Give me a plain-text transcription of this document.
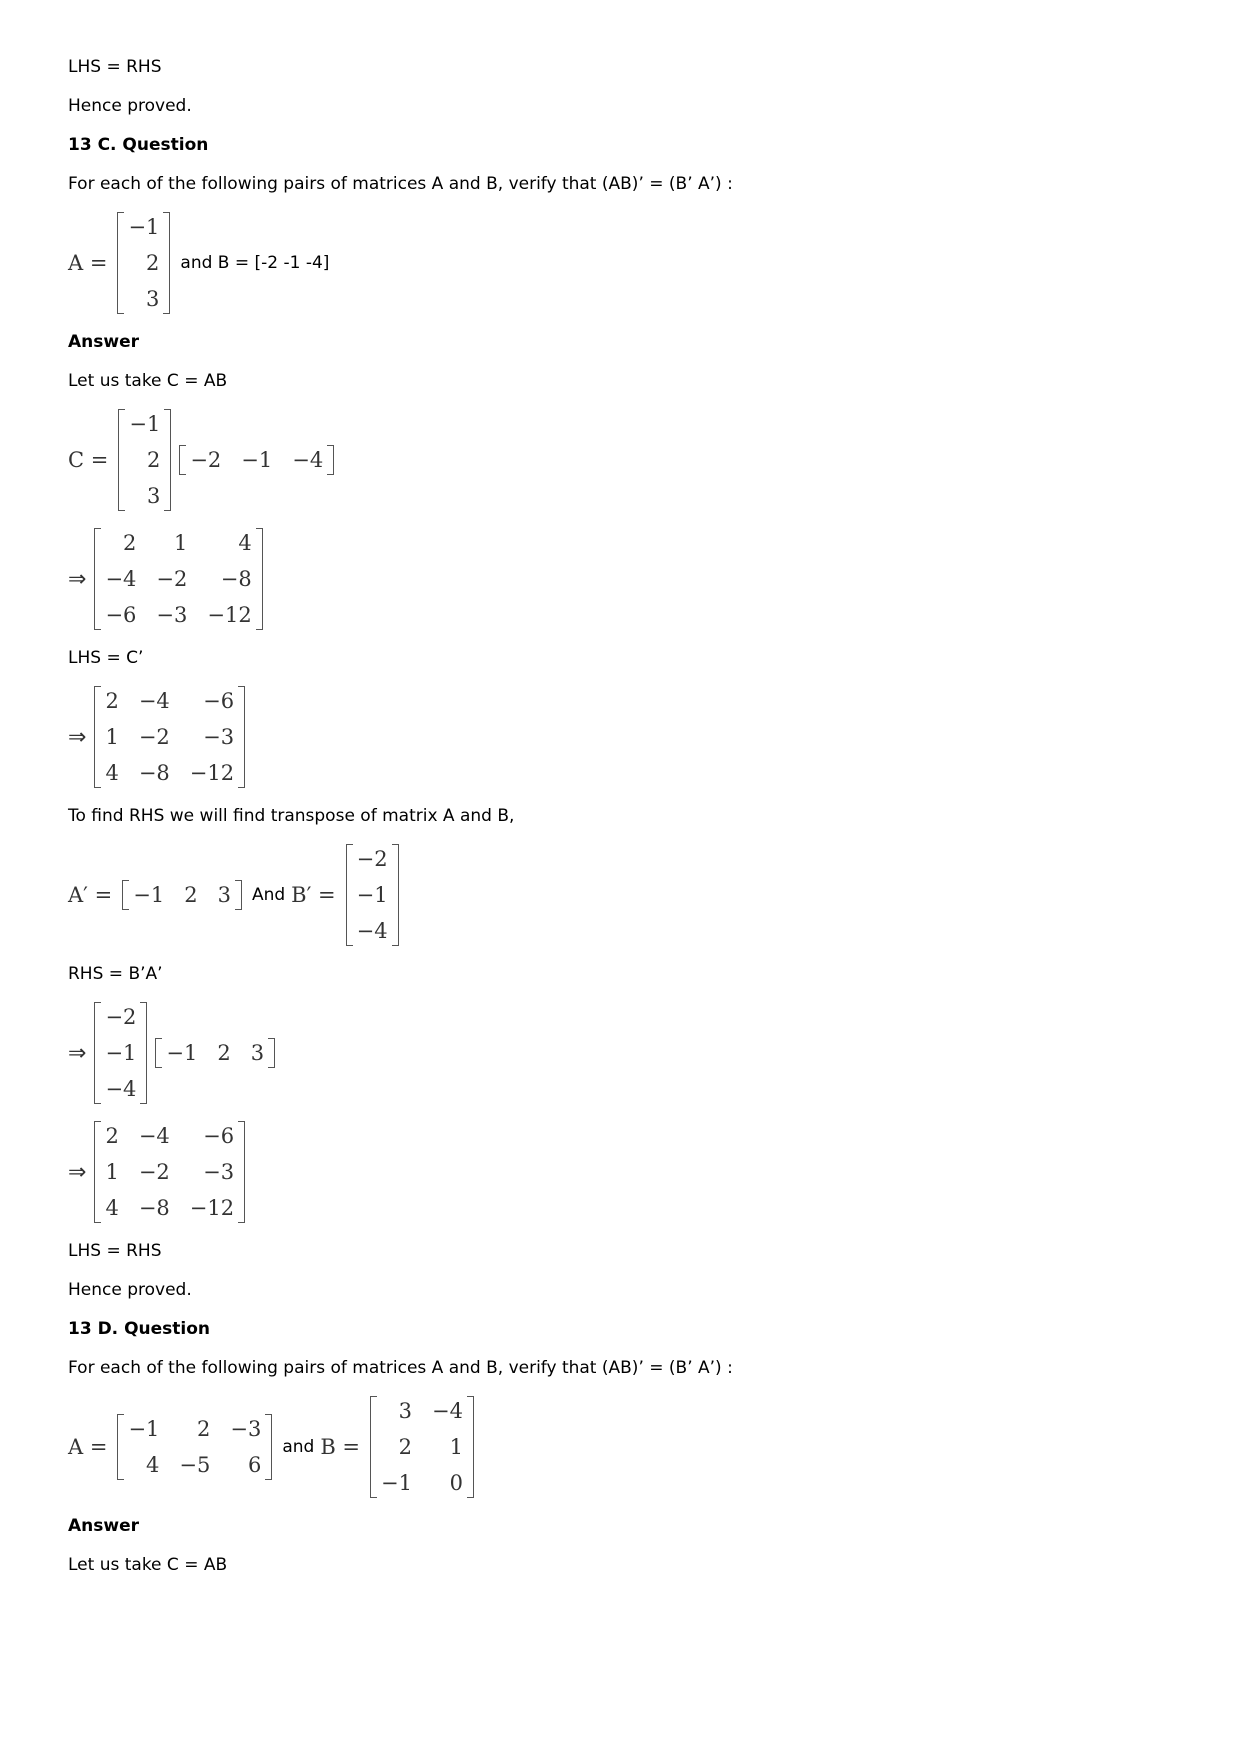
LHS = RHS

Hence proved.

13 C. Question

For each of the following pairs of matrices A and B, verify that (AB)’ = (B’ A’) :

A =
−1
2
3
and B = [-2 -1 -4]

Answer

Let us take C = AB

C =
−1
2
3
−2 −1 −4
⇒
2	1	4
−4 −2	−8
−6 −3 −12

LHS = C’

⇒
2 −4	−6
1 −2	−3
4 −8 −12

To find RHS we will find transpose of matrix A and B,

A′ = −1 2 3 And B′ =
−2
−1
−4

RHS = B’A’

⇒
−2
−1
−4
−1 2 3
⇒
2 −4	−6
1 −2	−3
4 −8 −12

LHS = RHS

Hence proved.

13 D. Question

For each of the following pairs of matrices A and B, verify that (AB)’ = (B’ A’) :

A =
−1	2 −3
4 −5	6
and B =
3 −4
2	1
−1	0

Answer

Let us take C = AB
